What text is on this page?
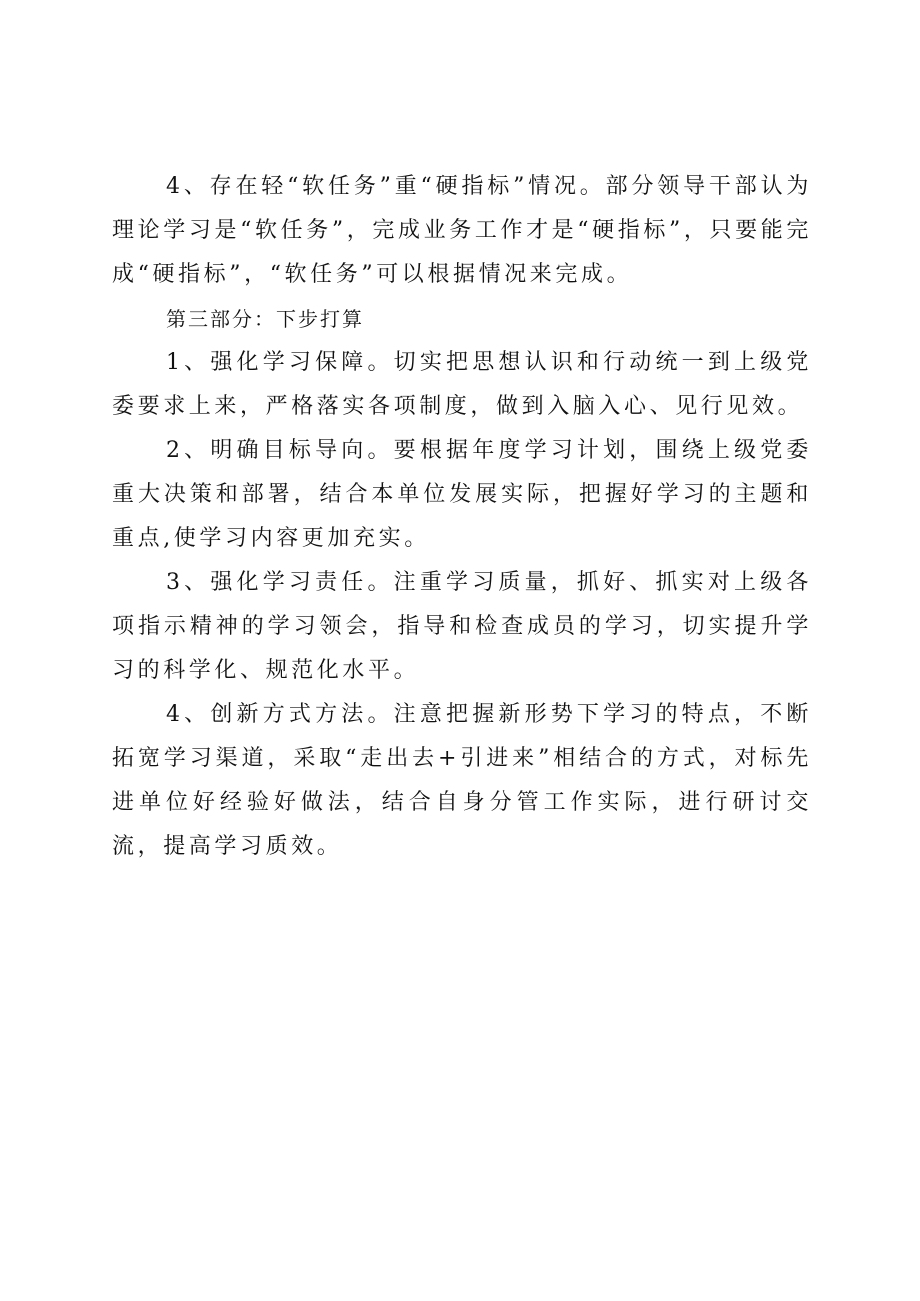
4、存在轻“软任务”重“硬指标”情况。部分领导干部认为理论学习是“软任务”，完成业务工作才是“硬指标”，只要能完成“硬指标”，“软任务”可以根据情况来完成。

第三部分：下步打算

1、强化学习保障。切实把思想认识和行动统一到上级党委要求上来，严格落实各项制度，做到入脑入心、见行见效。

2、明确目标导向。要根据年度学习计划，围绕上级党委重大决策和部署，结合本单位发展实际，把握好学习的主题和重点,使学习内容更加充实。

3、强化学习责任。注重学习质量，抓好、抓实对上级各项指示精神的学习领会，指导和检查成员的学习，切实提升学习的科学化、规范化水平。

4、创新方式方法。注意把握新形势下学习的特点，不断拓宽学习渠道，采取“走出去+引进来”相结合的方式，对标先进单位好经验好做法，结合自身分管工作实际，进行研讨交流，提高学习质效。
